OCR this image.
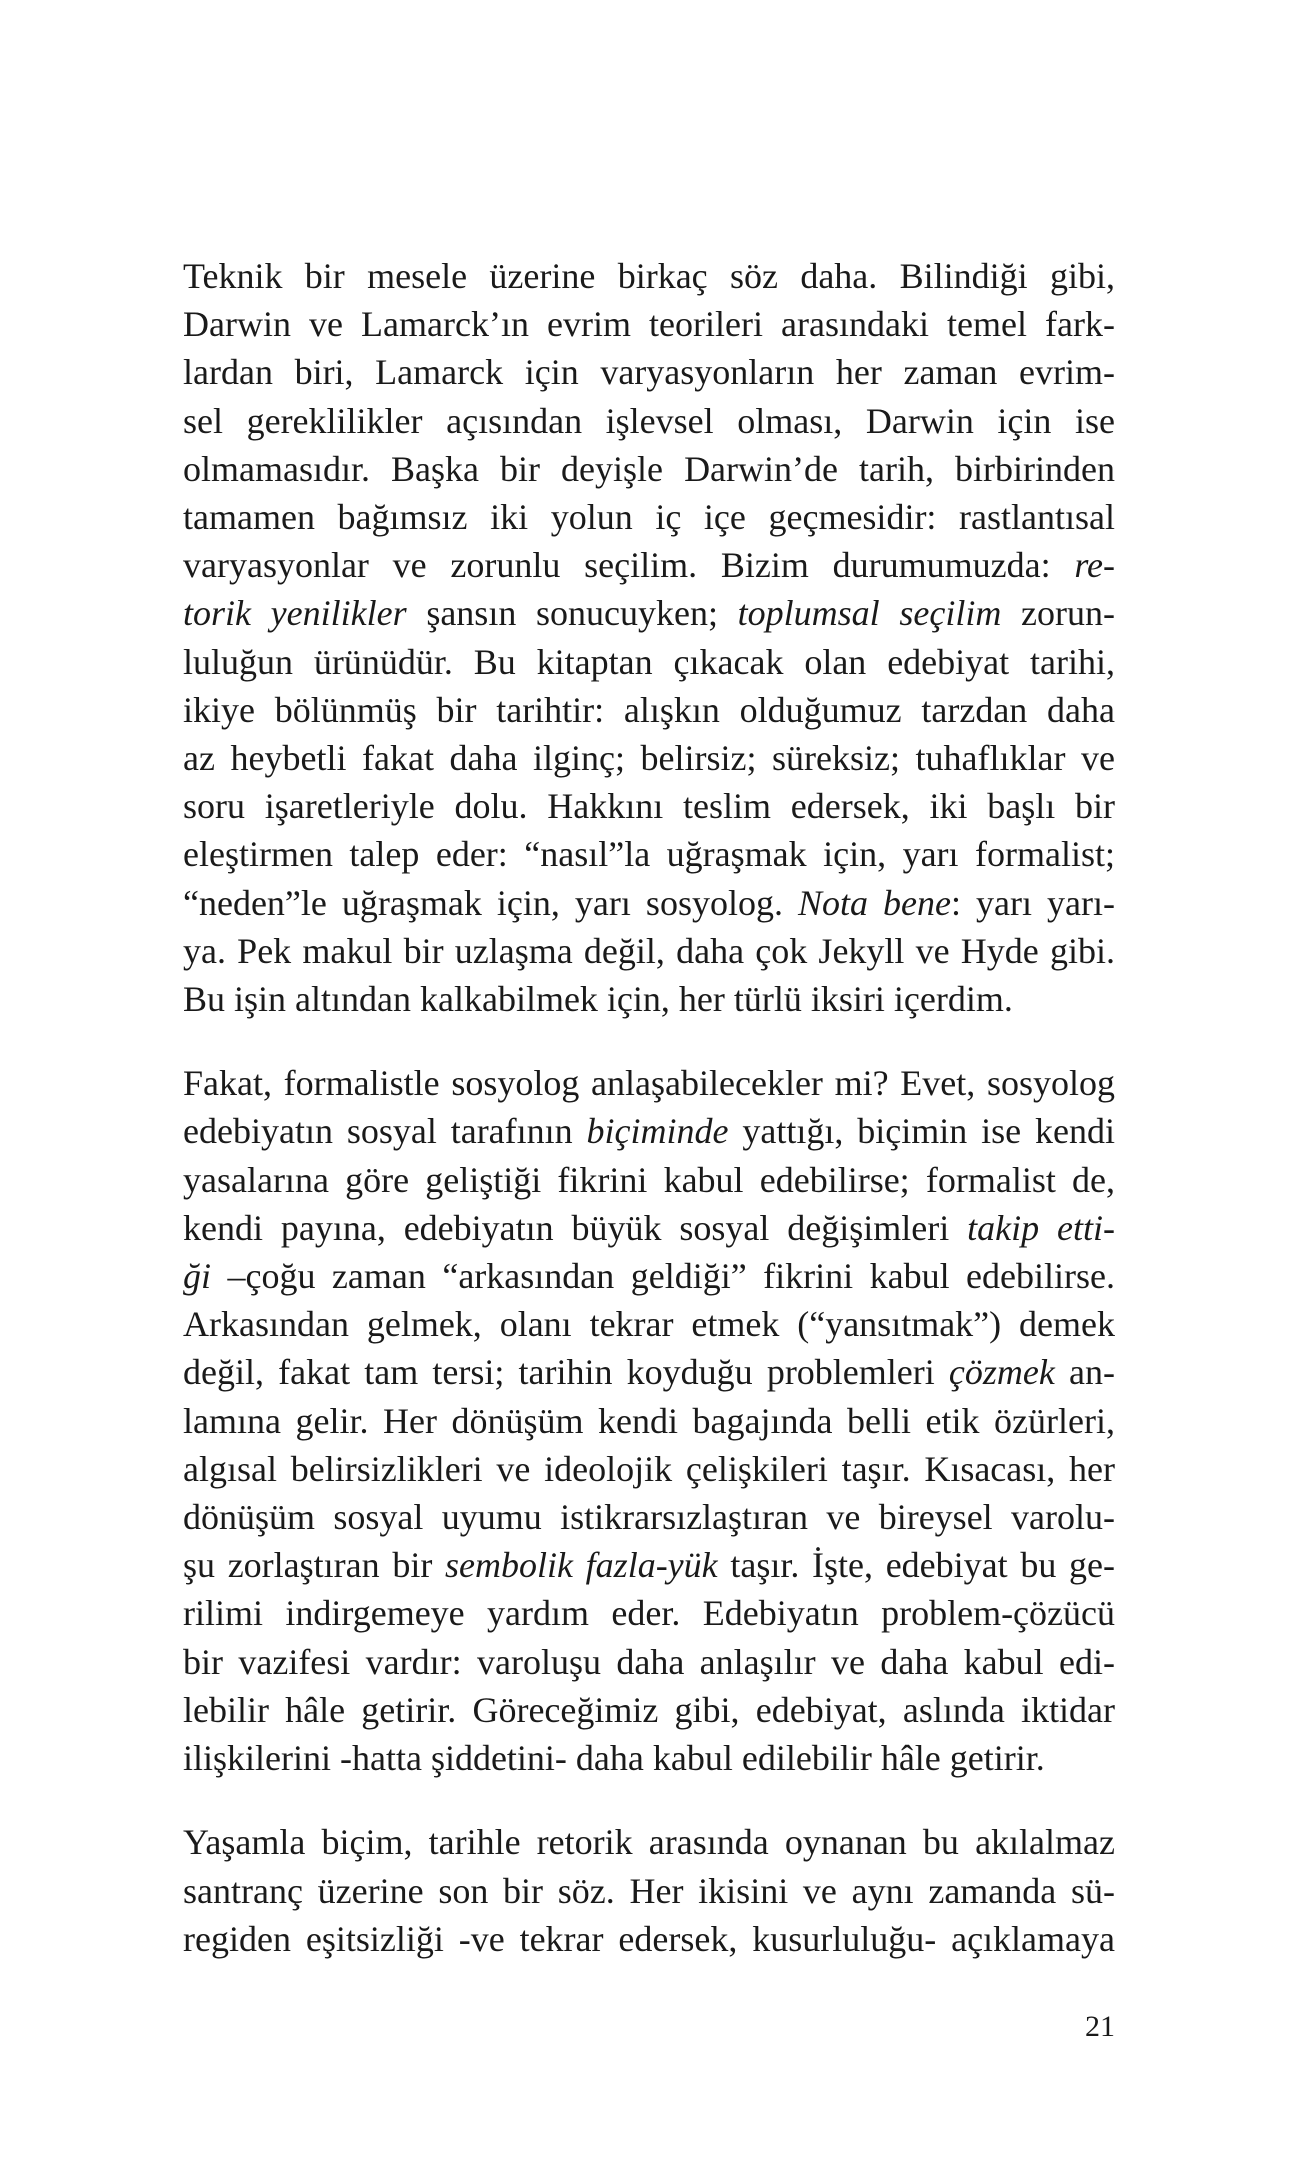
Teknik bir mesele üzerine birkaç söz daha. Bilindiği gibi,
Darwin ve Lamarck’ın evrim teorileri arasındaki temel fark-
lardan biri, Lamarck için varyasyonların her zaman evrim-
sel gereklilikler açısından işlevsel olması, Darwin için ise
olmamasıdır. Başka bir deyişle Darwin’de tarih, birbirinden
tamamen bağımsız iki yolun iç içe geçmesidir: rastlantısal
varyasyonlar ve zorunlu seçilim. Bizim durumumuzda: re-
torik yenilikler şansın sonucuyken; toplumsal seçilim zorun-
luluğun ürünüdür. Bu kitaptan çıkacak olan edebiyat tarihi,
ikiye bölünmüş bir tarihtir: alışkın olduğumuz tarzdan daha
az heybetli fakat daha ilginç; belirsiz; süreksiz; tuhaflıklar ve
soru işaretleriyle dolu. Hakkını teslim edersek, iki başlı bir
eleştirmen talep eder: “nasıl”la uğraşmak için, yarı formalist;
“neden”le uğraşmak için, yarı sosyolog. Nota bene: yarı yarı-
ya. Pek makul bir uzlaşma değil, daha çok Jekyll ve Hyde gibi.
Bu işin altından kalkabilmek için, her türlü iksiri içerdim.

Fakat, formalistle sosyolog anlaşabilecekler mi? Evet, sosyolog
edebiyatın sosyal tarafının biçiminde yattığı, biçimin ise kendi
yasalarına göre geliştiği fikrini kabul edebilirse; formalist de,
kendi payına, edebiyatın büyük sosyal değişimleri takip etti-
ği –çoğu zaman “arkasından geldiği” fikrini kabul edebilirse.
Arkasından gelmek, olanı tekrar etmek (“yansıtmak”) demek
değil, fakat tam tersi; tarihin koyduğu problemleri çözmek an-
lamına gelir. Her dönüşüm kendi bagajında belli etik özürleri,
algısal belirsizlikleri ve ideolojik çelişkileri taşır. Kısacası, her
dönüşüm sosyal uyumu istikrarsızlaştıran ve bireysel varolu-
şu zorlaştıran bir sembolik fazla-yük taşır. İşte, edebiyat bu ge-
rilimi indirgemeye yardım eder. Edebiyatın problem-çözücü
bir vazifesi vardır: varoluşu daha anlaşılır ve daha kabul edi-
lebilir hâle getirir. Göreceğimiz gibi, edebiyat, aslında iktidar
ilişkilerini -hatta şiddetini- daha kabul edilebilir hâle getirir.

Yaşamla biçim, tarihle retorik arasında oynanan bu akılalmaz
santranç üzerine son bir söz. Her ikisini ve aynı zamanda sü-
regiden eşitsizliği -ve tekrar edersek, kusurluluğu- açıklamaya

21
